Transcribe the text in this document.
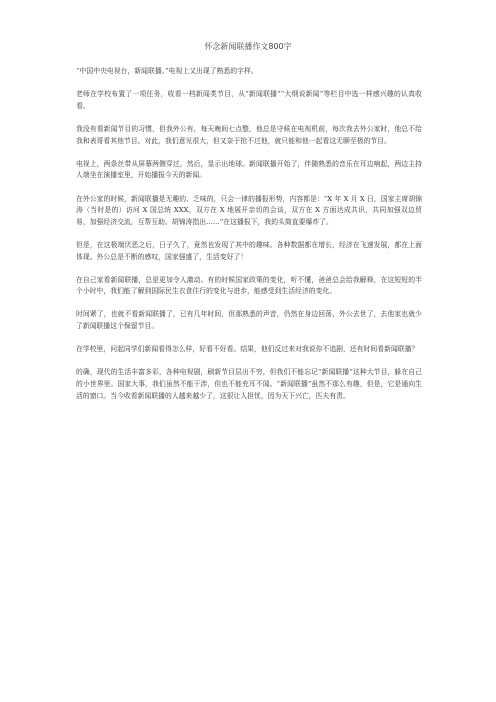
怀念新闻联播作文800字

“中国中央电视台，新闻联播。”电视上又出现了熟悉的字样。

老师在学校布置了一项任务，收看一档新闻类节目，从“新闻联播”“大纲说新闻”等栏目中选一样感兴趣的认真收看。

我没有看新闻节目的习惯，但我外公有，每天晚间七点整，他总是守候在电视机前，每次我去外公家时，他总不给我和表哥看其他节目。对此，我们意见很大，但又奈于抢不过他，就只能和他一起看这无聊至极的节目。

电视上，两条丝带从屏幕两侧穿过，然后，显示出地球。新闻联播开始了，伴随熟悉的音乐在耳边响起，两边主持人端坐在演播室里，开始播报今天的新闻。

在外公家的时候，新闻联播是无趣的、乏味的，只会一律的播报形势，内容都是：“X 年 X 月 X 日，国家主席胡锦涛（当时是的）访问 X 国总统 XXX，双方在 X 地展开亲切的会谈，双方在 X 方面达成共识，共同加强双边贸易，加强经济交流，互帮互助。胡锦涛指出……”在这播报下，我的头简直要爆炸了。

但是，在这极端厌恶之后，日子久了，竟然也发现了其中的趣味。各种数据都在增长，经济在飞速发展，都在上面体现。外公总是不断的感叹，国家强盛了，生活变好了！

在自己家看新闻联播，总是更加令人激动。有的时候国家政策的变化，听不懂，爸爸总会给我解释，在这短短的半个小时中，我们能了解到国际民生衣食住行的变化与进步，能感受到生活经济的变化。

时间紧了，也就不看新闻联播了，已有几年时间，但那熟悉的声音，仍然在身边回荡，外公去世了，去他家也就少了新闻联播这个保留节目。

在学校里，问起同学们新闻看得怎么样，好看不好看。结果，他们反过来对我说你不追剧，还有时间看新闻联播？

的确，现代的生活丰富多彩，各种电视剧，刷新节目层出不穷，但我们不能忘记“新闻联播”这种大节目，躲在自己的小世界里。国家大事，我们虽然不能干涉，但也不能充耳不闻。“新闻联播”虽然不那么有趣，但是，它是通向生活的窗口。当今收看新闻联播的人越来越少了，这很让人担忧，因为天下兴亡，匹夫有责。
